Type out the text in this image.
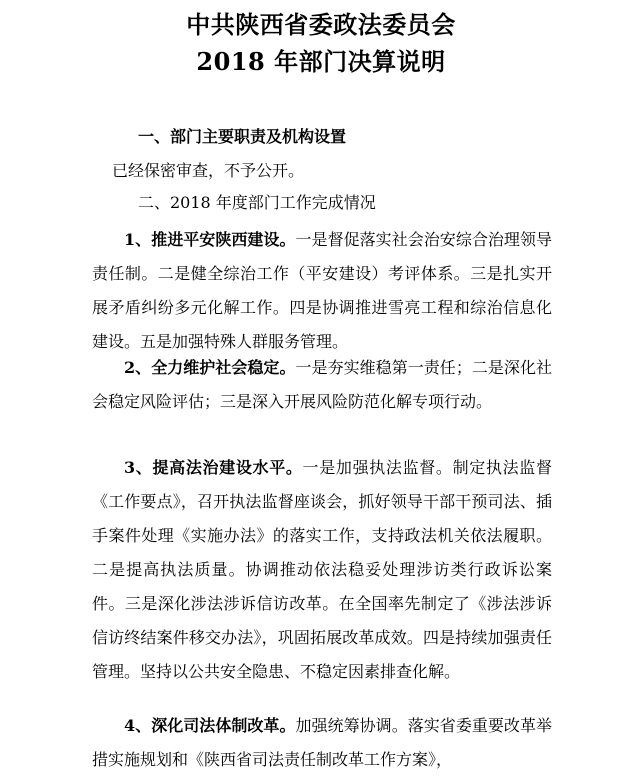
中共陕西省委政法委员会
2018 年部门决算说明
一、部门主要职责及机构设置
已经保密审查，不予公开。
二、2018 年度部门工作完成情况
1、推进平安陕西建设。一是督促落实社会治安综合治理领导责任制。二是健全综治工作（平安建设）考评体系。三是扎实开展矛盾纠纷多元化解工作。四是协调推进雪亮工程和综治信息化建设。五是加强特殊人群服务管理。
2、全力维护社会稳定。一是夯实维稳第一责任；二是深化社会稳定风险评估；三是深入开展风险防范化解专项行动。
3、提高法治建设水平。一是加强执法监督。制定执法监督《工作要点》，召开执法监督座谈会，抓好领导干部干预司法、插手案件处理《实施办法》的落实工作，支持政法机关依法履职。二是提高执法质量。协调推动依法稳妥处理涉访类行政诉讼案件。三是深化涉法涉诉信访改革。在全国率先制定了《涉法涉诉信访终结案件移交办法》，巩固拓展改革成效。四是持续加强责任管理。坚持以公共安全隐患、不稳定因素排查化解。
4、深化司法体制改革。加强统筹协调。落实省委重要改革举措实施规划和《陕西省司法责任制改革工作方案》，
